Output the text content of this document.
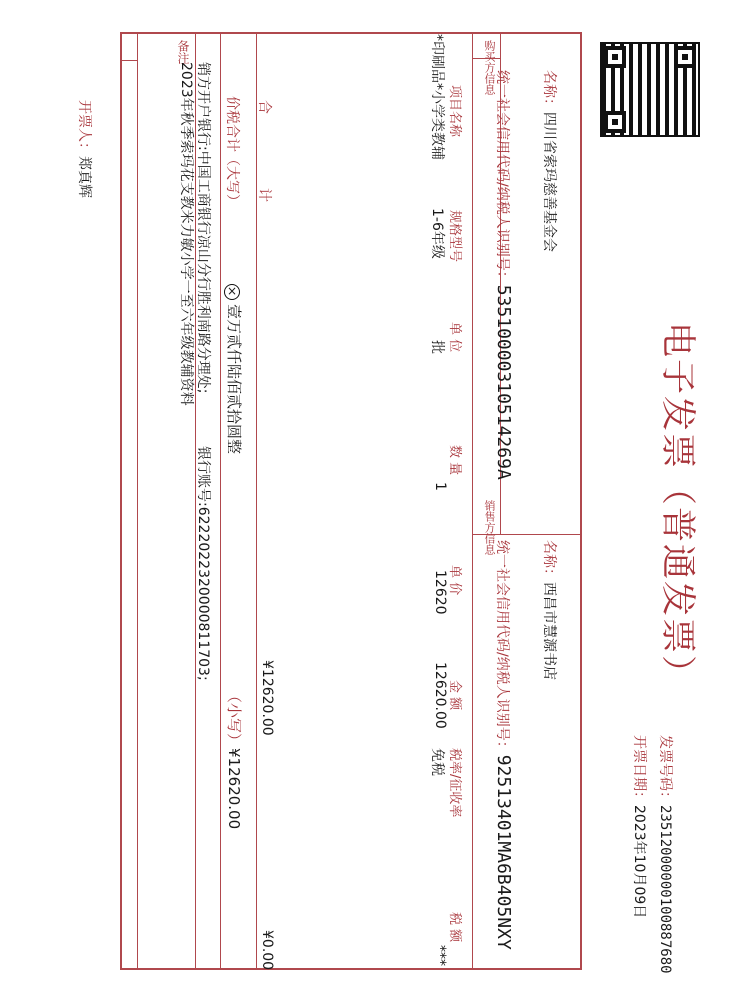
电子发票（普通发票）
发票号码：23512000000100887680
开票日期：2023年10月09日
购买方信息	名称：四川省索玛慈善基金会
统一社会信用代码/纳税人识别号：535100003105142​69A
销售方信息
名称：西昌市慧源书店
统一社会信用代码/纳税人识别号：92513401MA6B405NXY
项目名称
规格型号
单 位
数 量
单 价
金 额
税率/征收率
税 额
*印刷品*小学类教辅
1-6年级
批
1
12620
12620.00
免税
***
合　　　计
¥12620.00
¥0.00
价税合计（大写）
×壹万贰仟陆佰贰拾圆整
（小写）¥12620.00
备注
销方开户银行:中国工商银行凉山分行胜利南路分理处;
银行账号:6222022320000811703;
2023年秋季索玛花支教米力敏小学一至六年级教辅资料
开票人：郑真辉
